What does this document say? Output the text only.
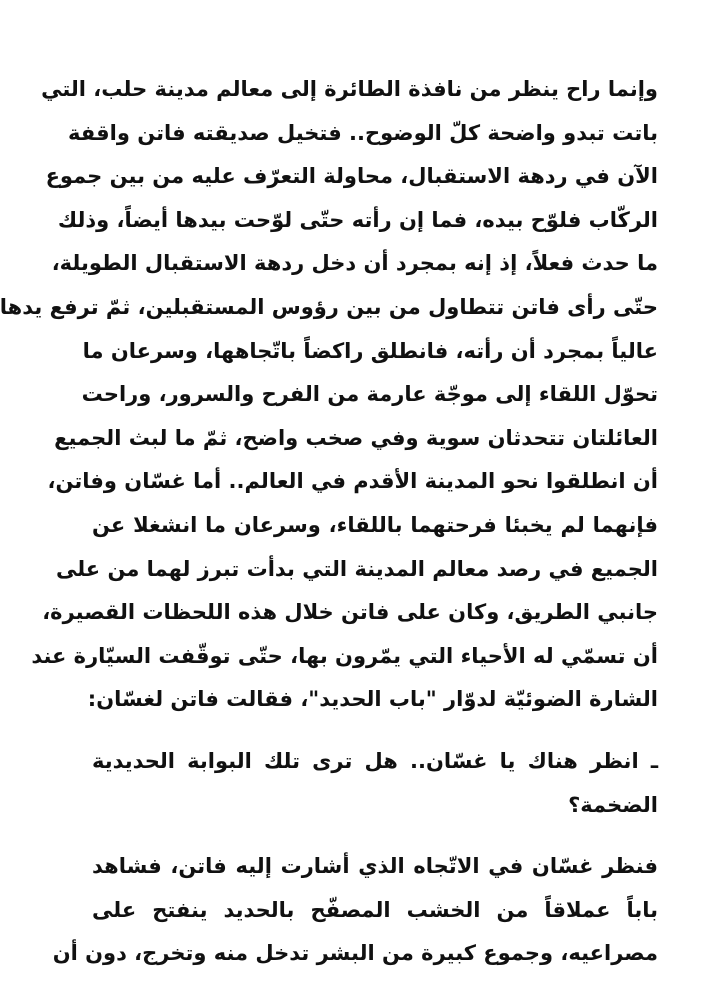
وإنما راح ينظر من نافذة الطائرة إلى معالم مدينة حلب، التي
باتت تبدو واضحة كلّ الوضوح.. فتخيل صديقته فاتن واقفة
الآن في ردهة الاستقبال، محاولة التعرّف عليه من بين جموع
الركّاب فلوّح بيده، فما إن رأته حتّى لوّحت بيدها أيضاً، وذلك
ما حدث فعلاً، إذ إنه بمجرد أن دخل ردهة الاستقبال الطويلة،
حتّى رأى فاتن تتطاول من بين رؤوس المستقبلين، ثمّ ترفع يدها
عالياً بمجرد أن رأته، فانطلق راكضاً باتّجاهها، وسرعان ما
تحوّل اللقاء إلى موجّة عارمة من الفرح والسرور، وراحت
العائلتان تتحدثان سوية وفي صخب واضح، ثمّ ما لبث الجميع
أن انطلقوا نحو المدينة الأقدم في العالم.. أما غسّان وفاتن،
فإنهما لم يخبئا فرحتهما باللقاء، وسرعان ما انشغلا عن
الجميع في رصد معالم المدينة التي بدأت تبرز لهما من على
جانبي الطريق، وكان على فاتن خلال هذه اللحظات القصيرة،
أن تسمّي له الأحياء التي يمّرون بها، حتّى توقّفت السيّارة عند
الشارة الضوئيّة لدوّار "باب الحديد"، فقالت فاتن لغسّان:
ـ انظر هناك يا غسّان.. هل ترى تلك البوابة الحديدية
الضخمة؟
فنظر غسّان في الاتّجاه الذي أشارت إليه فاتن، فشاهد
باباً عملاقاً من الخشب المصفّح بالحديد ينفتح على
مصراعيه، وجموع كبيرة من البشر تدخل منه وتخرج، دون أن
